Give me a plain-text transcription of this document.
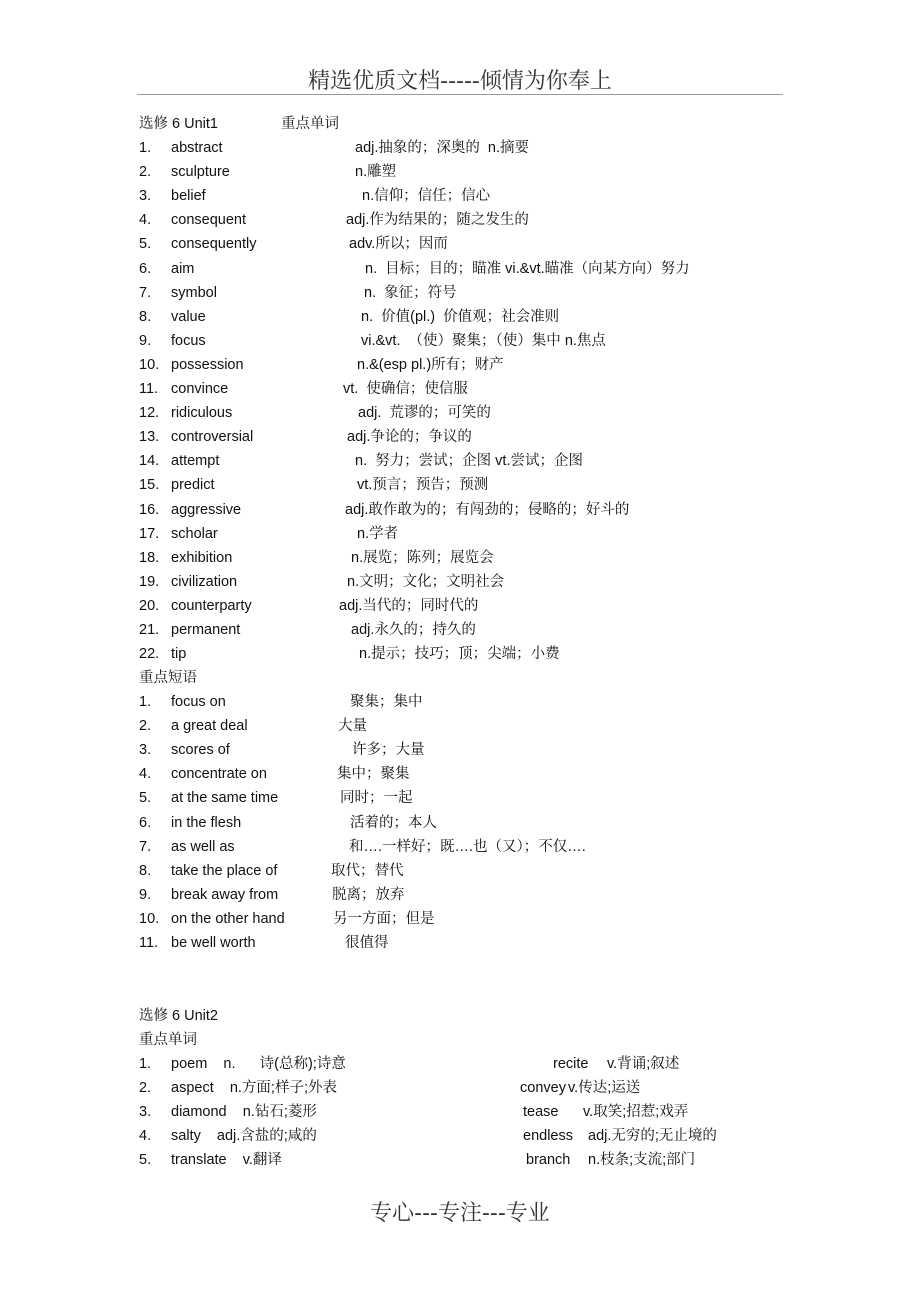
精选优质文档-----倾情为你奉上
选修 6 Unit1	重点单词
1. abstract	adj.抽象的；深奥的  n.摘要
2. sculpture	n.雕塑
3. belief	n.信仰；信任；信心
4. consequent	adj.作为结果的；随之发生的
5. consequently	adv.所以；因而
6. aim	n.  目标；目的；瞄准 vi.&vt.瞄准（向某方向）努力
7. symbol	n.  象征；符号
8. value	n.  价值(pl.)  价值观；社会准则
9. focus	vi.&vt.  （使）聚集；（使）集中 n.焦点
10. possession	n.&(esp pl.)所有；财产
11. convince	vt.  使确信；使信服
12. ridiculous	adj.  荒谬的；可笑的
13. controversial	adj.争论的；争议的
14. attempt	n.  努力；尝试；企图 vt.尝试；企图
15. predict	vt.预言；预告；预测
16. aggressive	adj.敢作敢为的；有闯劲的；侵略的；好斗的
17. scholar	n.学者
18. exhibition	n.展览；陈列；展览会
19. civilization	n.文明；文化；文明社会
20. counterparty	adj.当代的；同时代的
21. permanent	adj.永久的；持久的
22. tip	n.提示；技巧；顶；尖端；小费
重点短语
1. focus on	聚集；集中
2. a great deal	大量
3. scores of	许多；大量
4. concentrate on	集中；聚集
5. at the same time	同时；一起
6. in the flesh	活着的；本人
7. as well as	和….一样好；既….也（又）；不仅….
8. take the place of	取代；替代
9. break away from	脱离；放弃
10. on the other hand	另一方面；但是
11. be well worth	很值得
选修 6 Unit2
重点单词
1. poem    n.      诗(总称);诗意	recite v.背诵;叙述
2. aspect    n.方面;样子;外表	convey v.传达;运送
3. diamond    n.钻石;菱形	tease v.取笑;招惹;戏弄
4. salty    adj.含盐的;咸的	endless adj.无穷的;无止境的
5. translate    v.翻译	branch n.枝条;支流;部门
专心---专注---专业
